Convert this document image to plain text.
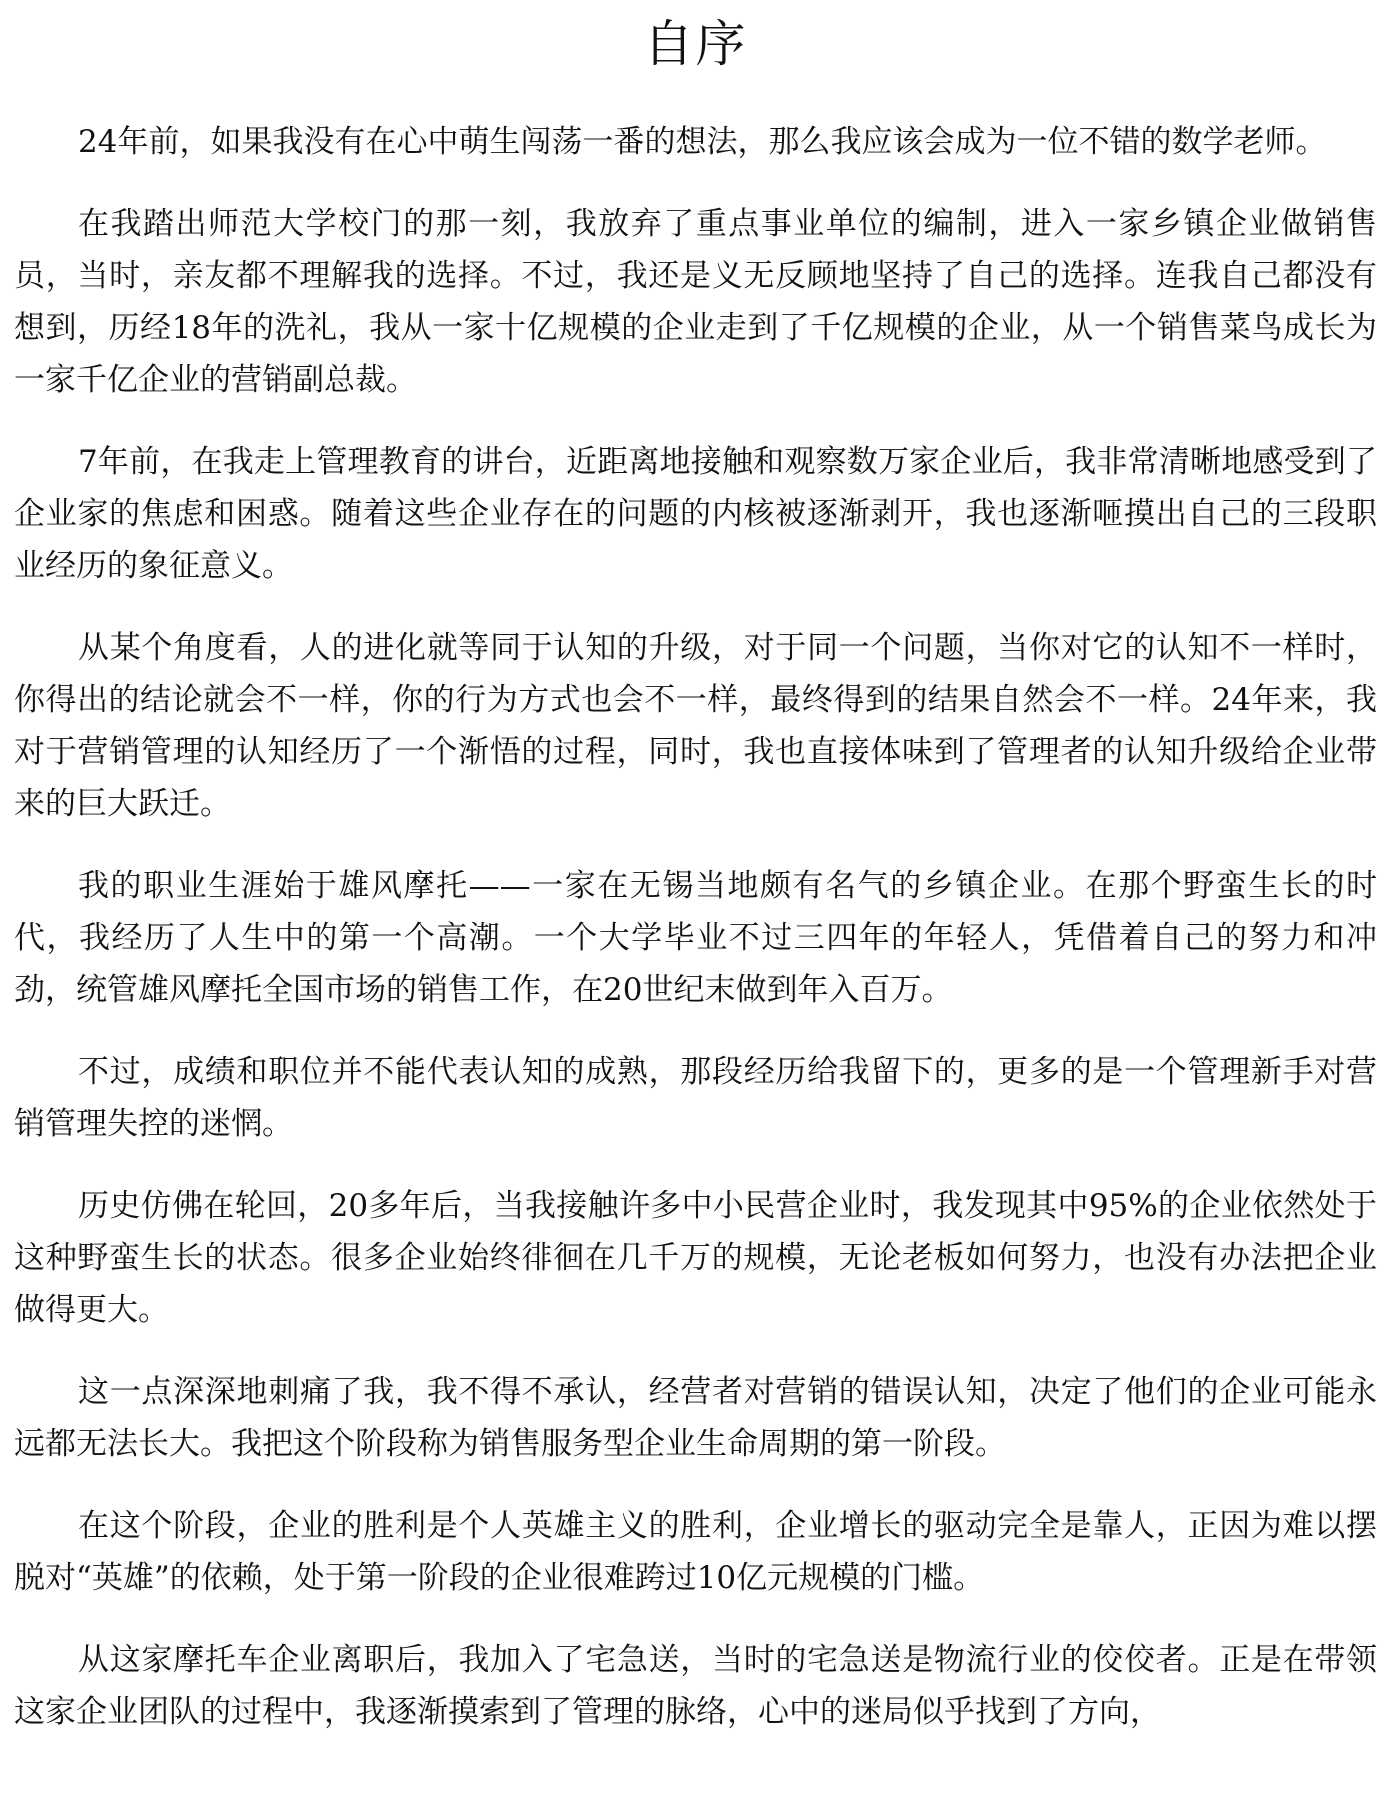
自序

24年前，如果我没有在心中萌生闯荡一番的想法，那么我应该会成为一位不错的数学老师。

在我踏出师范大学校门的那一刻，我放弃了重点事业单位的编制，进入一家乡镇企业做销售员，当时，亲友都不理解我的选择。不过，我还是义无反顾地坚持了自己的选择。连我自己都没有想到，历经18年的洗礼，我从一家十亿规模的企业走到了千亿规模的企业，从一个销售菜鸟成长为一家千亿企业的营销副总裁。

7年前，在我走上管理教育的讲台，近距离地接触和观察数万家企业后，我非常清晰地感受到了企业家的焦虑和困惑。随着这些企业存在的问题的内核被逐渐剥开，我也逐渐咂摸出自己的三段职业经历的象征意义。

从某个角度看，人的进化就等同于认知的升级，对于同一个问题，当你对它的认知不一样时，你得出的结论就会不一样，你的行为方式也会不一样，最终得到的结果自然会不一样。24年来，我对于营销管理的认知经历了一个渐悟的过程，同时，我也直接体味到了管理者的认知升级给企业带来的巨大跃迁。

我的职业生涯始于雄风摩托——一家在无锡当地颇有名气的乡镇企业。在那个野蛮生长的时代，我经历了人生中的第一个高潮。一个大学毕业不过三四年的年轻人，凭借着自己的努力和冲劲，统管雄风摩托全国市场的销售工作，在20世纪末做到年入百万。

不过，成绩和职位并不能代表认知的成熟，那段经历给我留下的，更多的是一个管理新手对营销管理失控的迷惘。

历史仿佛在轮回，20多年后，当我接触许多中小民营企业时，我发现其中95%的企业依然处于这种野蛮生长的状态。很多企业始终徘徊在几千万的规模，无论老板如何努力，也没有办法把企业做得更大。

这一点深深地刺痛了我，我不得不承认，经营者对营销的错误认知，决定了他们的企业可能永远都无法长大。我把这个阶段称为销售服务型企业生命周期的第一阶段。

在这个阶段，企业的胜利是个人英雄主义的胜利，企业增长的驱动完全是靠人，正因为难以摆脱对“英雄”的依赖，处于第一阶段的企业很难跨过10亿元规模的门槛。

从这家摩托车企业离职后，我加入了宅急送，当时的宅急送是物流行业的佼佼者。正是在带领这家企业团队的过程中，我逐渐摸索到了管理的脉络，心中的迷局似乎找到了方向，
